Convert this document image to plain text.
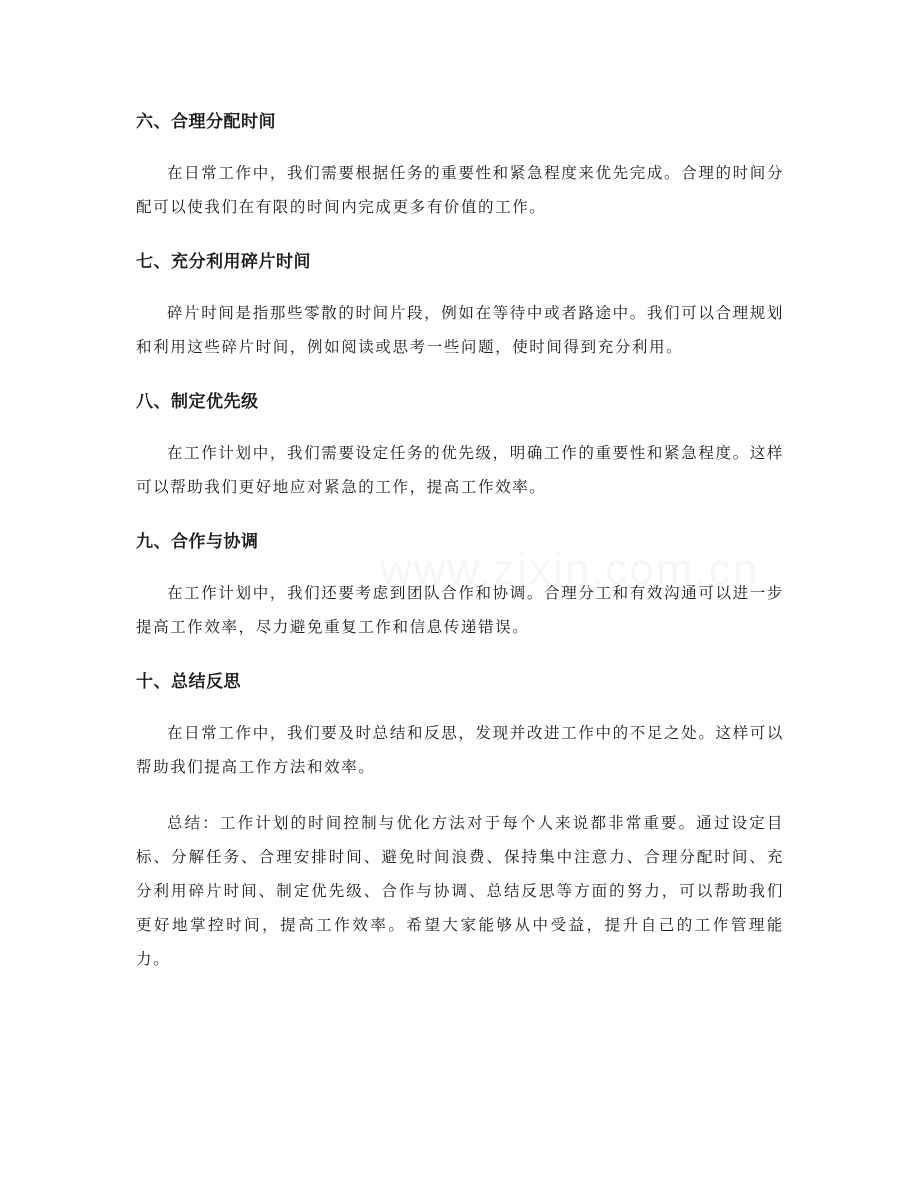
六、合理分配时间

在日常工作中，我们需要根据任务的重要性和紧急程度来优先完成。合理的时间分配可以使我们在有限的时间内完成更多有价值的工作。

七、充分利用碎片时间

碎片时间是指那些零散的时间片段，例如在等待中或者路途中。我们可以合理规划和利用这些碎片时间，例如阅读或思考一些问题，使时间得到充分利用。

八、制定优先级

在工作计划中，我们需要设定任务的优先级，明确工作的重要性和紧急程度。这样可以帮助我们更好地应对紧急的工作，提高工作效率。

九、合作与协调

在工作计划中，我们还要考虑到团队合作和协调。合理分工和有效沟通可以进一步提高工作效率，尽力避免重复工作和信息传递错误。

十、总结反思

在日常工作中，我们要及时总结和反思，发现并改进工作中的不足之处。这样可以帮助我们提高工作方法和效率。

总结：工作计划的时间控制与优化方法对于每个人来说都非常重要。通过设定目标、分解任务、合理安排时间、避免时间浪费、保持集中注意力、合理分配时间、充分利用碎片时间、制定优先级、合作与协调、总结反思等方面的努力，可以帮助我们更好地掌控时间，提高工作效率。希望大家能够从中受益，提升自己的工作管理能力。
